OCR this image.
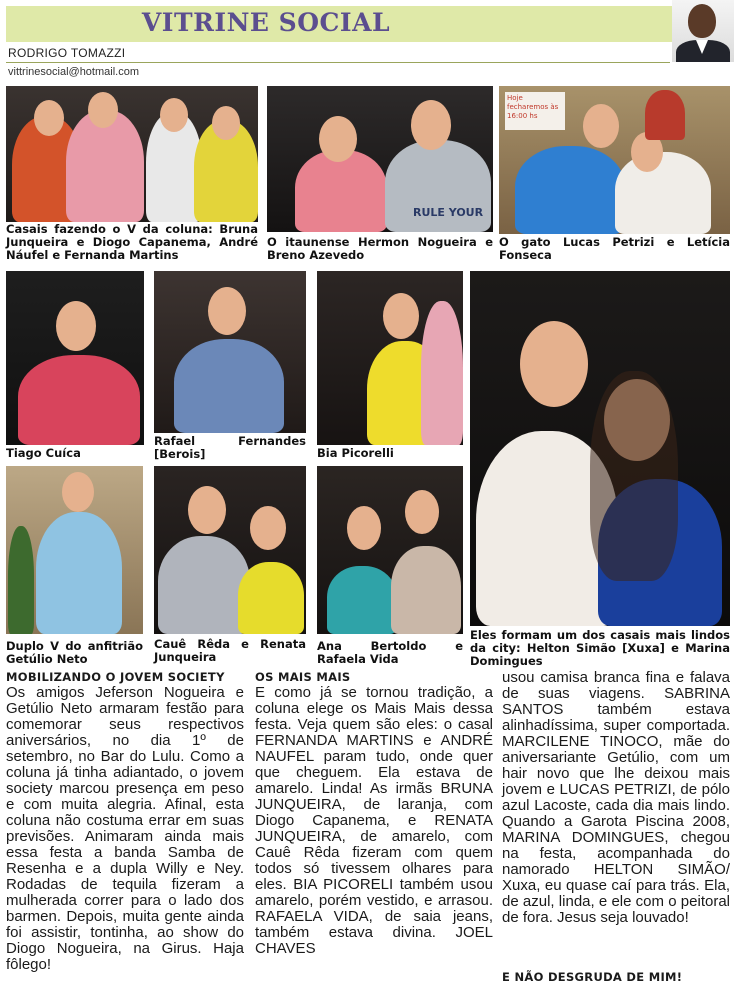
VITRINE SOCIAL
RODRIGO TOMAZZI
vittrinesocial@hotmail.com
RULE YOUR
Hoje fecharemos às 16:00 hs
Casais fazendo o V da coluna: Bruna Junqueira e Diogo Capanema, André Náufel e Fernanda Martins
O itaunense Hermon Nogueira e Breno Azevedo
O gato Lucas Petrizi e Letícia Fonseca
Tiago Cuíca
Rafael Fernandes [Berois]	Bia Picorelli
Duplo V do anfitrião Getúlio Neto
Cauê Rêda e Renata Junqueira
Ana Bertoldo e Rafaela Vida
Eles formam um dos casais mais lindos da city: Helton Simão [Xuxa] e Marina Domingues
MOBILIZANDO O JOVEM SOCIETY
Os amigos Jeferson Nogueira e Getúlio Neto armaram festão para comemorar seus respectivos aniversários, no dia 1º de setembro, no Bar do Lulu. Como a coluna já tinha adiantado, o jovem society marcou presença em peso e com muita alegria. Afinal, esta coluna não costuma errar em suas previsões. Animaram ainda mais essa festa a banda Samba de Resenha e a dupla Willy e Ney. Rodadas de tequila fizeram a mulherada correr para o lado dos barmen. Depois, muita gente ainda foi assistir, tontinha, ao show do Diogo Nogueira, na Girus. Haja fôlego!
OS MAIS MAIS
E como já se tornou tradição, a coluna elege os Mais Mais dessa festa. Veja quem são eles: o casal FERNANDA MARTINS e ANDRÉ NAUFEL param tudo, onde quer que cheguem. Ela estava de amarelo. Linda! As irmãs BRUNA JUNQUEIRA, de laranja, com Diogo Capanema, e RENATA JUNQUEIRA, de amarelo, com Cauê Rêda fizeram com quem todos só tivessem olhares para eles. BIA PICORELI também usou amarelo, porém vestido, e arrasou. RAFAELA VIDA, de saia jeans, também estava divina. JOEL CHAVES
usou camisa branca fina e falava de suas viagens. SABRINA SANTOS também estava alinhadíssima, super comportada. MARCILENE TINOCO, mãe do aniversariante Getúlio, com um hair novo que lhe deixou mais jovem e LUCAS PETRIZI, de pólo azul Lacoste, cada dia mais lindo. Quando a Garota Piscina 2008, MARINA DOMINGUES, chegou na festa, acompanhada do namorado HELTON SIMÃO/ Xuxa, eu quase caí para trás. Ela, de azul, linda, e ele com o peitoral de fora. Jesus seja louvado!
E NÃO DESGRUDA DE MIM!
